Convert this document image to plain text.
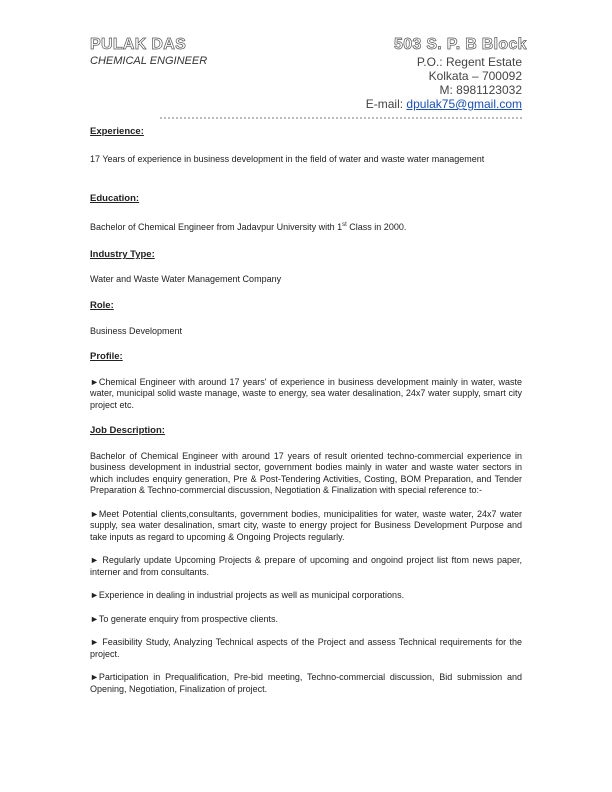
PULAK DAS
CHEMICAL ENGINEER
503 S. P. B Block
P.O.: Regent Estate
Kolkata – 700092
M: 8981123032
E-mail: dpulak75@gmail.com

Experience:

17 Years of experience in business development in the field of water and waste water management

Education:

Bachelor of Chemical Engineer from Jadavpur University with 1st Class in 2000.

Industry Type:

Water and Waste Water Management Company

Role:

Business Development

Profile:

►Chemical Engineer with around 17 years' of experience in business development mainly in water, waste water, municipal solid waste manage, waste to energy, sea water desalination, 24x7 water supply, smart city project etc.

Job Description:

Bachelor of Chemical Engineer with around 17 years of result oriented techno-commercial experience in business development in industrial sector, government bodies mainly in water and waste water sectors in which includes enquiry generation, Pre & Post-Tendering Activities, Costing, BOM Preparation, and Tender Preparation & Techno-commercial discussion, Negotiation & Finalization with special reference to:-

►Meet Potential clients,consultants, government bodies, municipalities for water, waste water, 24x7 water supply, sea water desalination, smart city, waste to energy project for Business Development Purpose and take inputs as regard to upcoming & Ongoing Projects regularly.

► Regularly update Upcoming Projects & prepare of upcoming and ongoind project list ftom news paper, interner and from consultants.

►Experience in dealing in industrial projects as well as municipal corporations.

►To generate enquiry from prospective clients.

► Feasibility Study, Analyzing Technical aspects of the Project and assess Technical requirements for the project.

►Participation in Prequalification, Pre-bid meeting, Techno-commercial discussion, Bid submission and Opening, Negotiation, Finalization of project.
